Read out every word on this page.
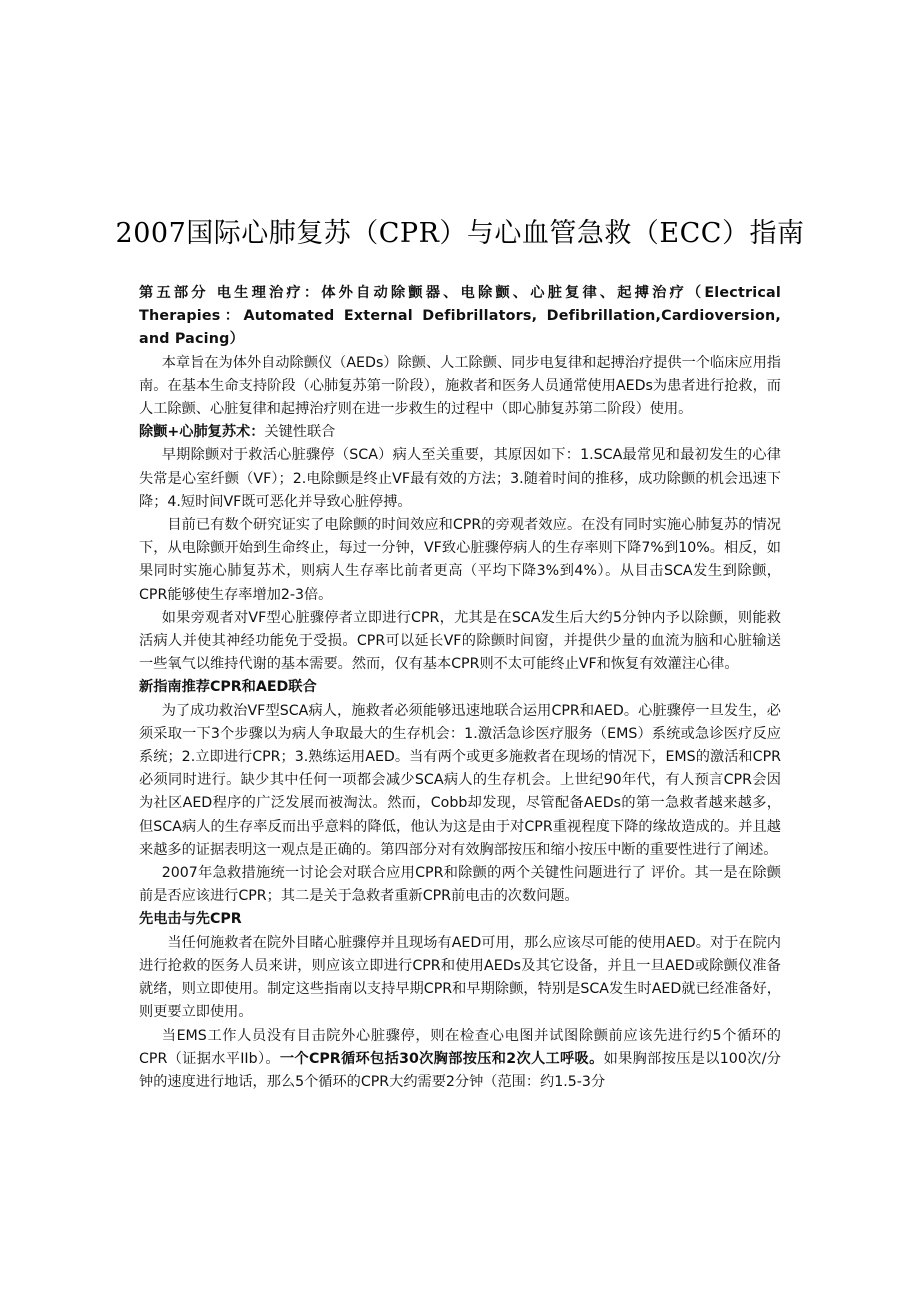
2007国际心肺复苏（CPR）与心血管急救（ECC）指南
第五部分 电生理治疗：体外自动除颤器、电除颤、心脏复律、起搏治疗（Electrical Therapies：Automated External Defibrillators, Defibrillation,Cardioversion, and Pacing）

本章旨在为体外自动除颤仪（AEDs）除颤、人工除颤、同步电复律和起搏治疗提供一个临床应用指南。在基本生命支持阶段（心肺复苏第一阶段），施救者和医务人员通常使用AEDs为患者进行抢救，而人工除颤、心脏复律和起搏治疗则在进一步救生的过程中（即心肺复苏第二阶段）使用。

除颤+心肺复苏术：关键性联合

早期除颤对于救活心脏骤停（SCA）病人至关重要，其原因如下：1.SCA最常见和最初发生的心律失常是心室纤颤（VF）；2.电除颤是终止VF最有效的方法；3.随着时间的推移，成功除颤的机会迅速下降；4.短时间VF既可恶化并导致心脏停搏。

目前已有数个研究证实了电除颤的时间效应和CPR的旁观者效应。在没有同时实施心肺复苏的情况下，从电除颤开始到生命终止，每过一分钟，VF致心脏骤停病人的生存率则下降7%到10%。相反，如果同时实施心肺复苏术，则病人生存率比前者更高（平均下降3%到4%）。从目击SCA发生到除颤，CPR能够使生存率增加2-3倍。

如果旁观者对VF型心脏骤停者立即进行CPR，尤其是在SCA发生后大约5分钟内予以除颤，则能救活病人并使其神经功能免于受损。CPR可以延长VF的除颤时间窗，并提供少量的血流为脑和心脏输送一些氧气以维持代谢的基本需要。然而，仅有基本CPR则不太可能终止VF和恢复有效灌注心律。

新指南推荐CPR和AED联合

为了成功救治VF型SCA病人，施救者必须能够迅速地联合运用CPR和AED。心脏骤停一旦发生，必须采取一下3个步骤以为病人争取最大的生存机会：1.激活急诊医疗服务（EMS）系统或急诊医疗反应系统；2.立即进行CPR；3.熟练运用AED。当有两个或更多施救者在现场的情况下，EMS的激活和CPR必须同时进行。缺少其中任何一项都会减少SCA病人的生存机会。上世纪90年代，有人预言CPR会因为社区AED程序的广泛发展而被淘汰。然而，Cobb却发现，尽管配备AEDs的第一急救者越来越多，但SCA病人的生存率反而出乎意料的降低，他认为这是由于对CPR重视程度下降的缘故造成的。并且越来越多的证据表明这一观点是正确的。第四部分对有效胸部按压和缩小按压中断的重要性进行了阐述。

2007年急救措施统一讨论会对联合应用CPR和除颤的两个关键性问题进行了 评价。其一是在除颤前是否应该进行CPR；其二是关于急救者重新CPR前电击的次数问题。

先电击与先CPR

当任何施救者在院外目睹心脏骤停并且现场有AED可用，那么应该尽可能的使用AED。对于在院内进行抢救的医务人员来讲，则应该立即进行CPR和使用AEDs及其它设备，并且一旦AED或除颤仪准备就绪，则立即使用。制定这些指南以支持早期CPR和早期除颤，特别是SCA发生时AED就已经准备好，则更要立即使用。

当EMS工作人员没有目击院外心脏骤停，则在检查心电图并试图除颤前应该先进行约5个循环的CPR（证据水平IIb）。一个CPR循环包括30次胸部按压和2次人工呼吸。如果胸部按压是以100次/分钟的速度进行地话，那么5个循环的CPR大约需要2分钟（范围：约1.5-3分
